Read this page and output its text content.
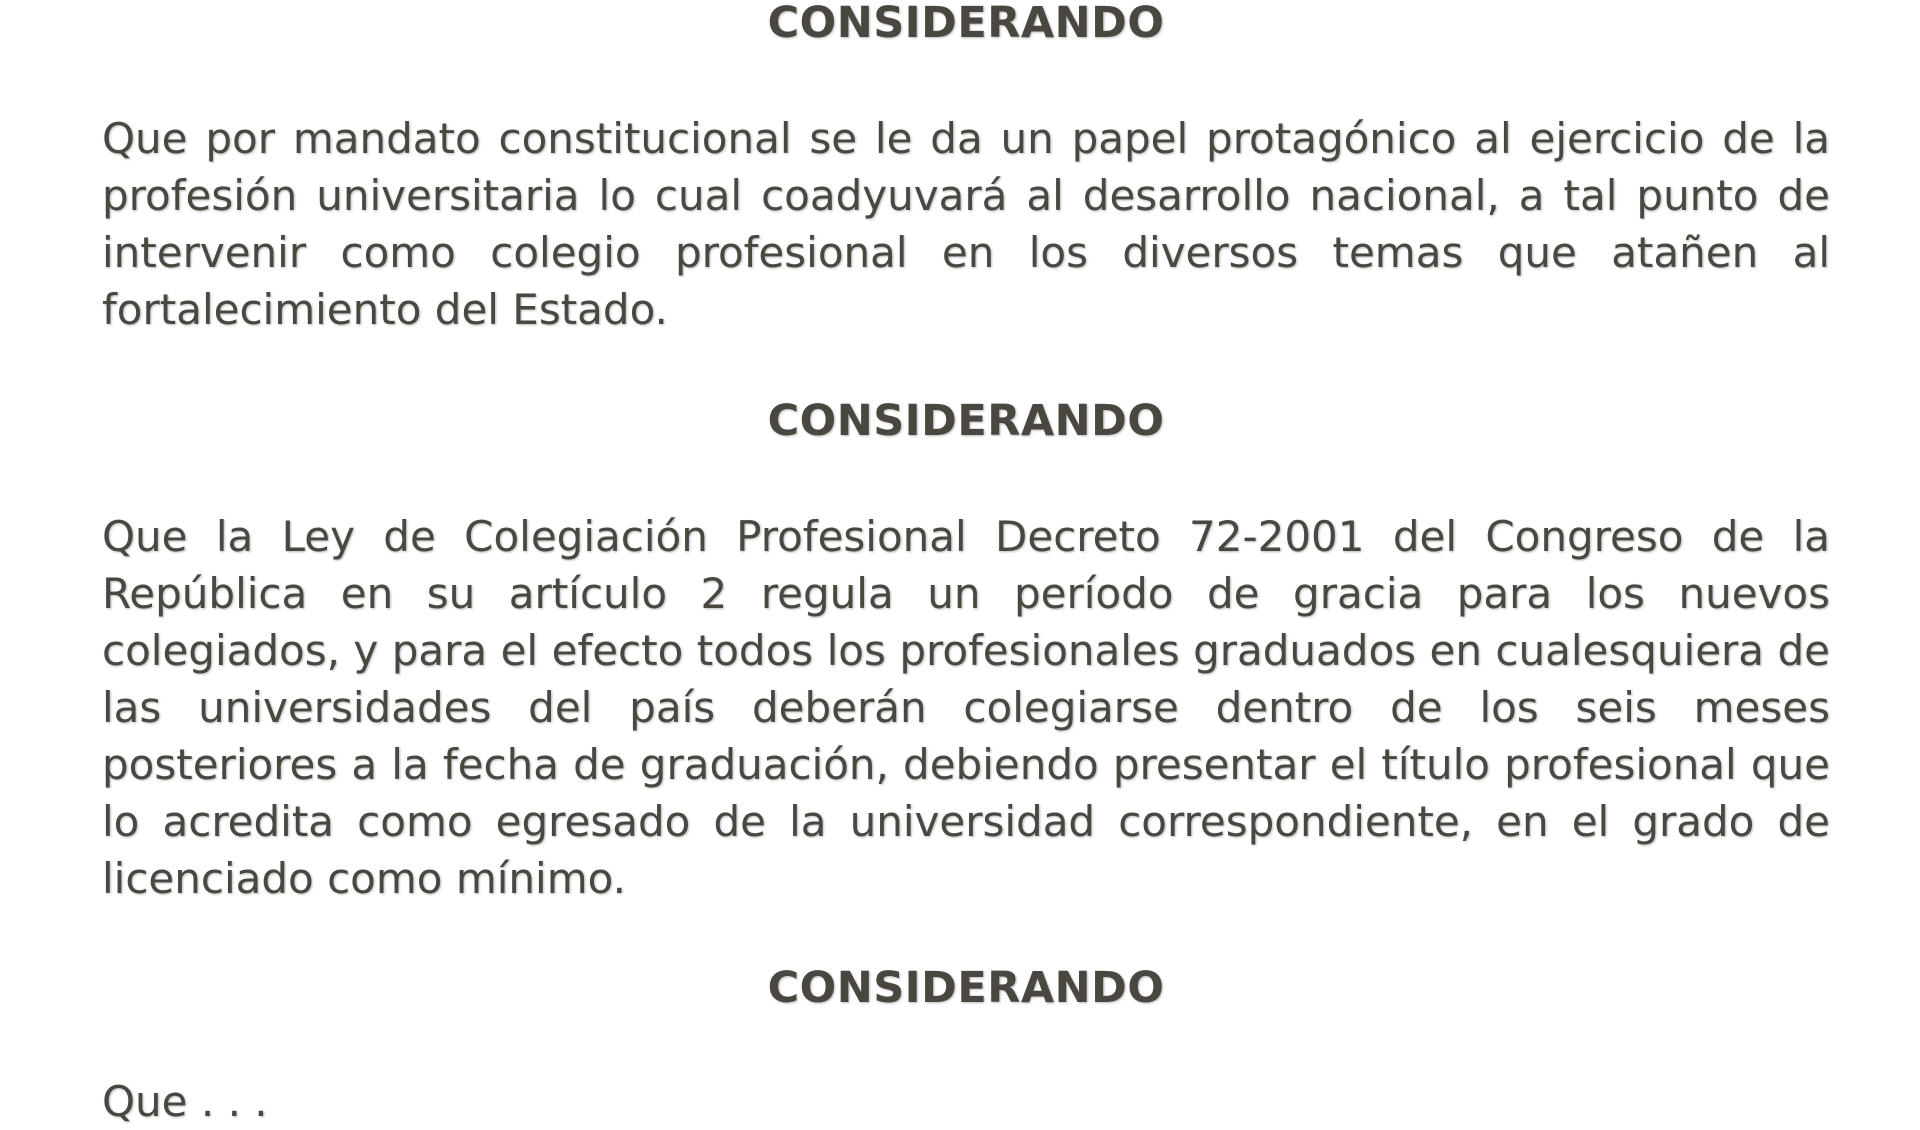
CONSIDERANDO

Que por mandato constitucional se le da un papel protagónico al ejercicio de la profesión universitaria lo cual coadyuvará al desarrollo nacional, a tal punto de intervenir como colegio profesional en los diversos temas que atañen al fortalecimiento del Estado.

CONSIDERANDO

Que la Ley de Colegiación Profesional Decreto 72-2001 del Congreso de la República en su artículo 2 regula un período de gracia para los nuevos colegiados, y para el efecto todos los profesionales graduados en cualesquiera de las universidades del país deberán colegiarse dentro de los seis meses posteriores a la fecha de graduación, debiendo presentar el título profesional que lo acredita como egresado de la universidad correspondiente, en el grado de licenciado como mínimo.

CONSIDERANDO

Que . . .
